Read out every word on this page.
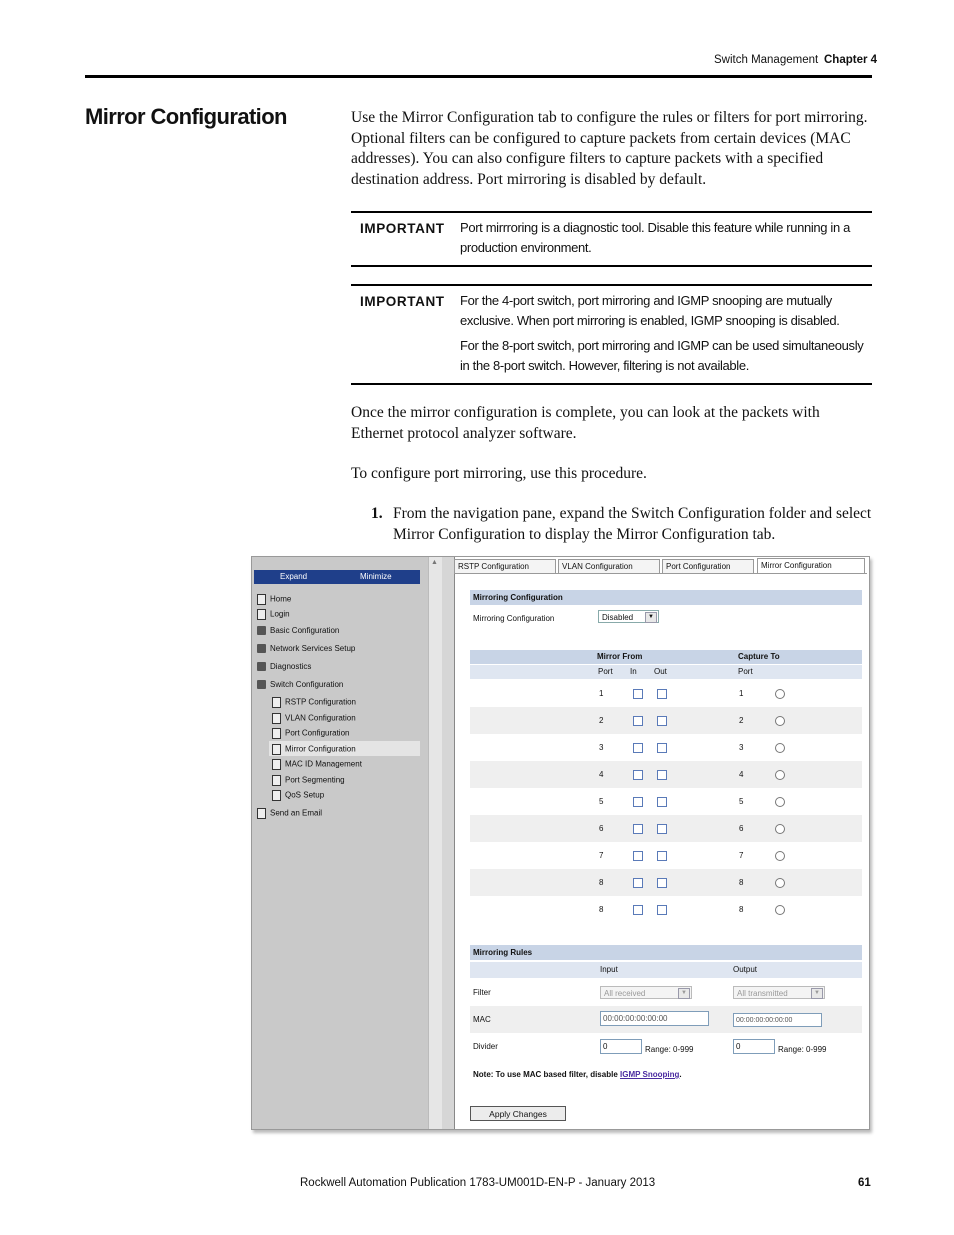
Switch Management Chapter 4
Mirror Configuration	Use the Mirror Configuration tab to configure the rules or filters for port mirroring. Optional filters can be configured to capture packets from certain devices (MAC addresses). You can also configure filters to capture packets with a specified destination address. Port mirroring is disabled by default.
IMPORTANT Port mirrroring is a diagnostic tool. Disable this feature while running in a production environment.
IMPORTANT For the 4-port switch, port mirroring and IGMP snooping are mutually exclusive. When port mirroring is enabled, IGMP snooping is disabled.
For the 8-port switch, port mirroring and IGMP can be used simultaneously in the 8-port switch. However, filtering is not available.
Once the mirror configuration is complete, you can look at the packets with Ethernet protocol analyzer software.
To configure port mirroring, use this procedure.
1. From the navigation pane, expand the Switch Configuration folder and select Mirror Configuration to display the Mirror Configuration tab.
Expand	Minimize
Home
Login
Basic Configuration
Network Services Setup
Diagnostics
Switch Configuration
RSTP Configuration
VLAN Configuration
Port Configuration
Mirror Configuration
MAC ID Management
Port Segmenting
QoS Setup
Send an Email
▲	RSTP Configuration	VLAN Configuration	Port Configuration	Mirror Configuration
Mirroring Configuration
Mirroring Configuration	Disabled	▼
Mirror From	Capture To
Port In Out	Port
1	1
2	2
3	3
4	4
5	5
6	6
7	7
8	8
8	8
Mirroring Rules
Input	Output
Filter	All received	▼	All transmitted	▼
MAC	00:00:00:00:00:00	00:00:00:00:00:00
Divider	0	Range: 0-999	0	Range: 0-999
Note: To use MAC based filter, disable IGMP Snooping.
Apply Changes
Rockwell Automation Publication 1783-UM001D-EN-P - January 2013	61
